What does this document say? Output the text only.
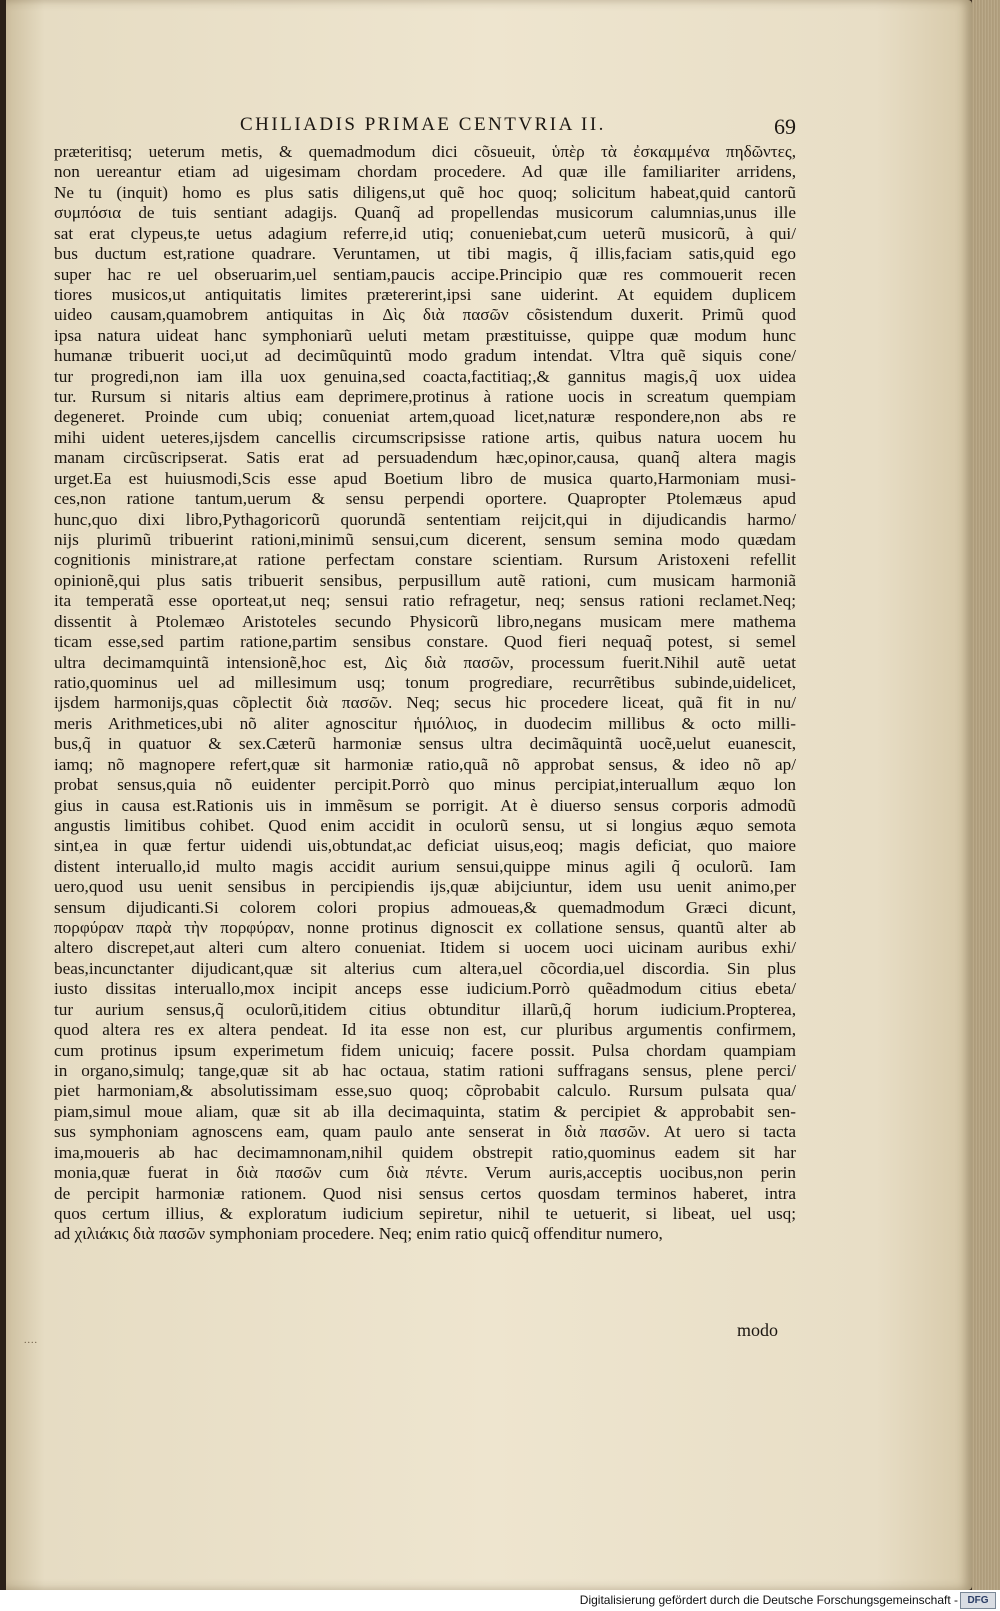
CHILIADIS PRIMAE CENTVRIA II.	69
præteritisq; ueterum metis, & quemadmodum dici cõsueuit, ὑπὲρ τὰ ἐσκαμμένα πηδῶντες,
non uereantur etiam ad uigesimam chordam procedere. Ad quæ ille familiariter arridens,
Ne tu (inquit) homo es plus satis diligens,ut quẽ hoc quoq; solicitum habeat,quid cantorũ
συμπόσια de tuis sentiant adagijs. Quanq̃ ad propellendas musicorum calumnias,unus ille
sat erat clypeus,te uetus adagium referre,id utiq; conueniebat,cum ueterũ musicorũ, à qui/
bus ductum est,ratione quadrare. Veruntamen, ut tibi magis, q̃ illis,faciam satis,quid ego
super hac re uel obseruarim,uel sentiam,paucis accipe.Principio quæ res commouerit recen
tiores musicos,ut antiquitatis limites prætererint,ipsi sane uiderint. At equidem duplicem
uideo causam,quamobrem antiquitas in Δὶς διὰ πασῶν cõsistendum duxerit. Primũ quod
ipsa natura uideat hanc symphoniarũ ueluti metam præstituisse, quippe quæ modum hunc
humanæ tribuerit uoci,ut ad decimũquintũ modo gradum intendat. Vltra quẽ siquis cone/
tur progredi,non iam illa uox genuina,sed coacta,factitiaq;,& gannitus magis,q̃ uox uidea
tur. Rursum si nitaris altius eam deprimere,protinus à ratione uocis in screatum quempiam
degeneret. Proinde cum ubiq; conueniat artem,quoad licet,naturæ respondere,non abs re
mihi uident ueteres,ijsdem cancellis circumscripsisse ratione artis, quibus natura uocem hu
manam circũscripserat. Satis erat ad persuadendum hæc,opinor,causa, quanq̃ altera magis
urget.Ea est huiusmodi,Scis esse apud Boetium libro de musica quarto,Harmoniam musi-
ces,non ratione tantum,uerum & sensu perpendi oportere. Quapropter Ptolemæus apud
hunc,quo dixi libro,Pythagoricorũ quorundã sententiam reijcit,qui in dijudicandis harmo/
nijs plurimũ tribuerint rationi,minimũ sensui,cum dicerent, sensum semina modo quædam
cognitionis ministrare,at ratione perfectam constare scientiam. Rursum Aristoxeni refellit
opinionẽ,qui plus satis tribuerit sensibus, perpusillum autẽ rationi, cum musicam harmoniã
ita temperatã esse oporteat,ut neq; sensui ratio refragetur, neq; sensus rationi reclamet.Neq;
dissentit à Ptolemæo Aristoteles secundo Physicorũ libro,negans musicam mere mathema
ticam esse,sed partim ratione,partim sensibus constare. Quod fieri nequaq̃ potest, si semel
ultra decimamquintã intensionẽ,hoc est, Δὶς διὰ πασῶν, processum fuerit.Nihil autẽ uetat
ratio,quominus uel ad millesimum usq; tonum progrediare, recurrẽtibus subinde,uidelicet,
ijsdem harmonijs,quas cõplectit διὰ πασῶν. Neq; secus hic procedere liceat, quã fit in nu/
meris Arithmetices,ubi nõ aliter agnoscitur ἡμιόλιος, in duodecim millibus & octo milli-
bus,q̃ in quatuor & sex.Cæterũ harmoniæ sensus ultra decimãquintã uocẽ,uelut euanescit,
iamq; nõ magnopere refert,quæ sit harmoniæ ratio,quã nõ approbat sensus, & ideo nõ ap/
probat sensus,quia nõ euidenter percipit.Porrò quo minus percipiat,interuallum æquo lon
gius in causa est.Rationis uis in immẽsum se porrigit. At è diuerso sensus corporis admodũ
angustis limitibus cohibet. Quod enim accidit in oculorũ sensu, ut si longius æquo semota
sint,ea in quæ fertur uidendi uis,obtundat,ac deficiat uisus,eoq; magis deficiat, quo maiore
distent interuallo,id multo magis accidit aurium sensui,quippe minus agili q̃ oculorũ. Iam
uero,quod usu uenit sensibus in percipiendis ijs,quæ abijciuntur, idem usu uenit animo,per
sensum dijudicanti.Si colorem colori propius admoueas,& quemadmodum Græci dicunt,
πορφύραν παρὰ τὴν πορφύραν, nonne protinus dignoscit ex collatione sensus, quantũ alter ab
altero discrepet,aut alteri cum altero conueniat. Itidem si uocem uoci uicinam auribus exhi/
beas,incunctanter dijudicant,quæ sit alterius cum altera,uel cõcordia,uel discordia. Sin plus
iusto dissitas interuallo,mox incipit anceps esse iudicium.Porrò quẽadmodum citius ebeta/
tur aurium sensus,q̃ oculorũ,itidem citius obtunditur illarũ,q̃ horum iudicium.Propterea,
quod altera res ex altera pendeat. Id ita esse non est, cur pluribus argumentis confirmem,
cum protinus ipsum experimetum fidem unicuiq; facere possit. Pulsa chordam quampiam
in organo,simulq; tange,quæ sit ab hac octaua, statim rationi suffragans sensus, plene perci/
piet harmoniam,& absolutissimam esse,suo quoq; cõprobabit calculo. Rursum pulsata qua/
piam,simul moue aliam, quæ sit ab illa decimaquinta, statim & percipiet & approbabit sen-
sus symphoniam agnoscens eam, quam paulo ante senserat in διὰ πασῶν. At uero si tacta
ima,moueris ab hac decimamnonam,nihil quidem obstrepit ratio,quominus eadem sit har
monia,quæ fuerat in διὰ πασῶν cum διὰ πέντε. Verum auris,acceptis uocibus,non perin
de percipit harmoniæ rationem. Quod nisi sensus certos quosdam terminos haberet, intra
quos certum illius, & exploratum iudicium sepiretur, nihil te uetuerit, si libeat, uel usq;
ad χιλιάκις διὰ πασῶν symphoniam procedere. Neq; enim ratio quicq̃ offenditur numero,
....
modo
Digitalisierung gefördert durch die Deutsche Forschungsgemeinschaft - DFG
